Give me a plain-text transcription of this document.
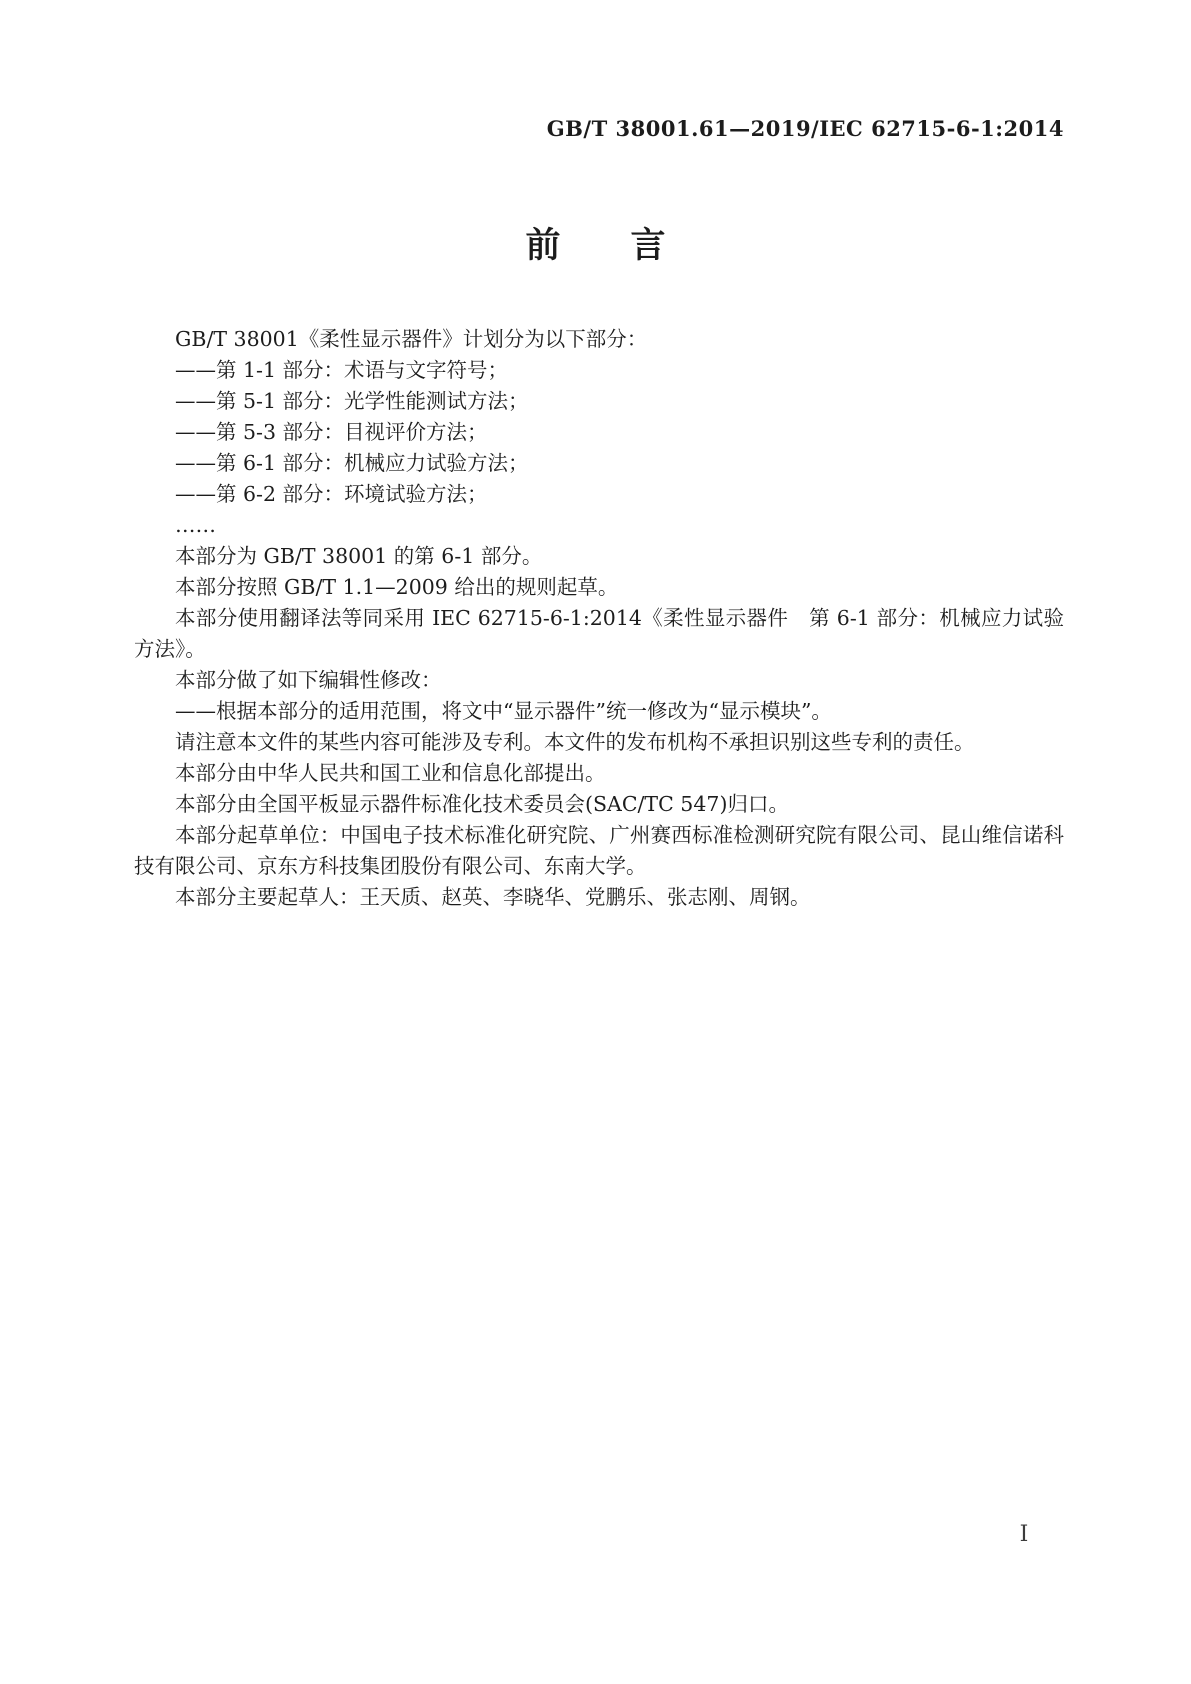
GB/T 38001.61—2019/IEC 62715-6-1:2014
前　　言

GB/T 38001《柔性显示器件》计划分为以下部分：

——第 1-1 部分：术语与文字符号；

——第 5-1 部分：光学性能测试方法；

——第 5-3 部分：目视评价方法；

——第 6-1 部分：机械应力试验方法；

——第 6-2 部分：环境试验方法；

……

本部分为 GB/T 38001 的第 6-1 部分。

本部分按照 GB/T 1.1—2009 给出的规则起草。

本部分使用翻译法等同采用 IEC 62715-6-1:2014《柔性显示器件　第 6-1 部分：机械应力试验方法》。

本部分做了如下编辑性修改：

——根据本部分的适用范围，将文中“显示器件”统一修改为“显示模块”。

请注意本文件的某些内容可能涉及专利。本文件的发布机构不承担识别这些专利的责任。

本部分由中华人民共和国工业和信息化部提出。

本部分由全国平板显示器件标准化技术委员会(SAC/TC 547)归口。

本部分起草单位：中国电子技术标准化研究院、广州赛西标准检测研究院有限公司、昆山维信诺科技有限公司、京东方科技集团股份有限公司、东南大学。

本部分主要起草人：王天质、赵英、李晓华、党鹏乐、张志刚、周钢。

I
